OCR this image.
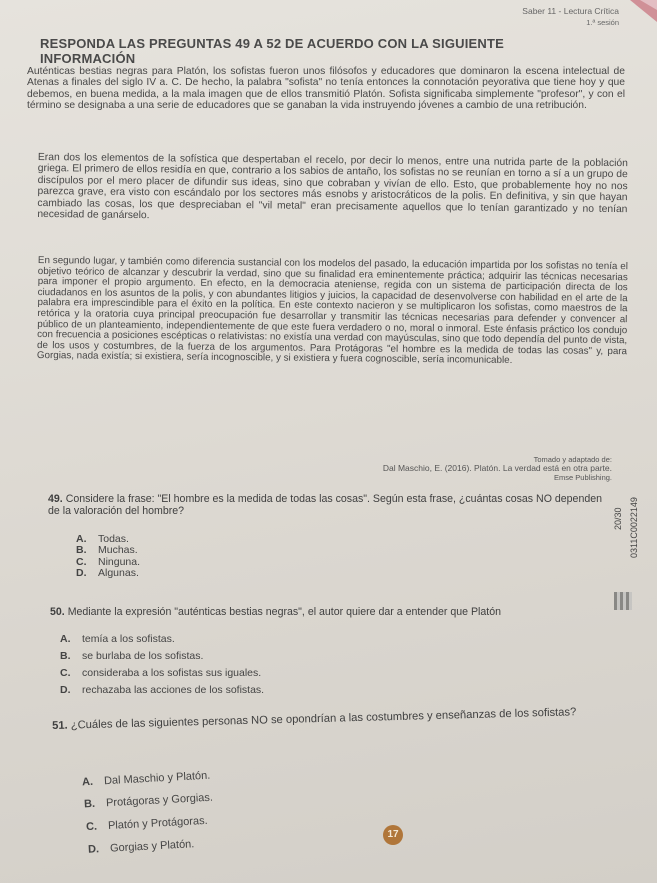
Saber 11 - Lectura Crítica
1.ª sesión
RESPONDA LAS PREGUNTAS 49 A 52 DE ACUERDO CON LA SIGUIENTE INFORMACIÓN

Auténticas bestias negras para Platón, los sofistas fueron unos filósofos y educadores que dominaron la escena intelectual de Atenas a finales del siglo IV a. C. De hecho, la palabra "sofista" no tenía entonces la connotación peyorativa que tiene hoy y que debemos, en buena medida, a la mala imagen que de ellos transmitió Platón. Sofista significaba simplemente "profesor", y con el término se designaba a una serie de educadores que se ganaban la vida instruyendo jóvenes a cambio de una retribución.

Eran dos los elementos de la sofística que despertaban el recelo, por decir lo menos, entre una nutrida parte de la población griega. El primero de ellos residía en que, contrario a los sabios de antaño, los sofistas no se reunían en torno a sí a un grupo de discípulos por el mero placer de difundir sus ideas, sino que cobraban y vivían de ello. Esto, que probablemente hoy no nos parezca grave, era visto con escándalo por los sectores más esnobs y aristocráticos de la polis. En definitiva, y sin que hayan cambiado las cosas, los que despreciaban el "vil metal" eran precisamente aquellos que lo tenían garantizado y no tenían necesidad de ganárselo.

En segundo lugar, y también como diferencia sustancial con los modelos del pasado, la educación impartida por los sofistas no tenía el objetivo teórico de alcanzar y descubrir la verdad, sino que su finalidad era eminentemente práctica; adquirir las técnicas necesarias para imponer el propio argumento. En efecto, en la democracia ateniense, regida con un sistema de participación directa de los ciudadanos en los asuntos de la polis, y con abundantes litigios y juicios, la capacidad de desenvolverse con habilidad en el arte de la palabra era imprescindible para el éxito en la política. En este contexto nacieron y se multiplicaron los sofistas, como maestros de la retórica y la oratoria cuya principal preocupación fue desarrollar y transmitir las técnicas necesarias para defender y convencer al público de un planteamiento, independientemente de que este fuera verdadero o no, moral o inmoral. Este énfasis práctico los condujo con frecuencia a posiciones escépticas o relativistas: no existía una verdad con mayúsculas, sino que todo dependía del punto de vista, de los usos y costumbres, de la fuerza de los argumentos. Para Protágoras "el hombre es la medida de todas las cosas" y, para Gorgias, nada existía; si existiera, sería incognoscible, y si existiera y fuera cognoscible, sería incomunicable.

Tomado y adaptado de:
Dal Maschio, E. (2016). Platón. La verdad está en otra parte.
Emse Publishing.
20/30 0311C0022149

49. Considere la frase: "El hombre es la medida de todas las cosas". Según esta frase, ¿cuántas cosas NO dependen de la valoración del hombre?

A. Todas.
B. Muchas.
C. Ninguna.
D. Algunas.

50. Mediante la expresión "auténticas bestias negras", el autor quiere dar a entender que Platón

A. temía a los sofistas.
B. se burlaba de los sofistas.
C. consideraba a los sofistas sus iguales.
D. rechazaba las acciones de los sofistas.

51. ¿Cuáles de las siguientes personas NO se opondrían a las costumbres y enseñanzas de los sofistas?

A. Dal Maschio y Platón.
B. Protágoras y Gorgias.
C. Platón y Protágoras.
D. Gorgias y Platón.
17
